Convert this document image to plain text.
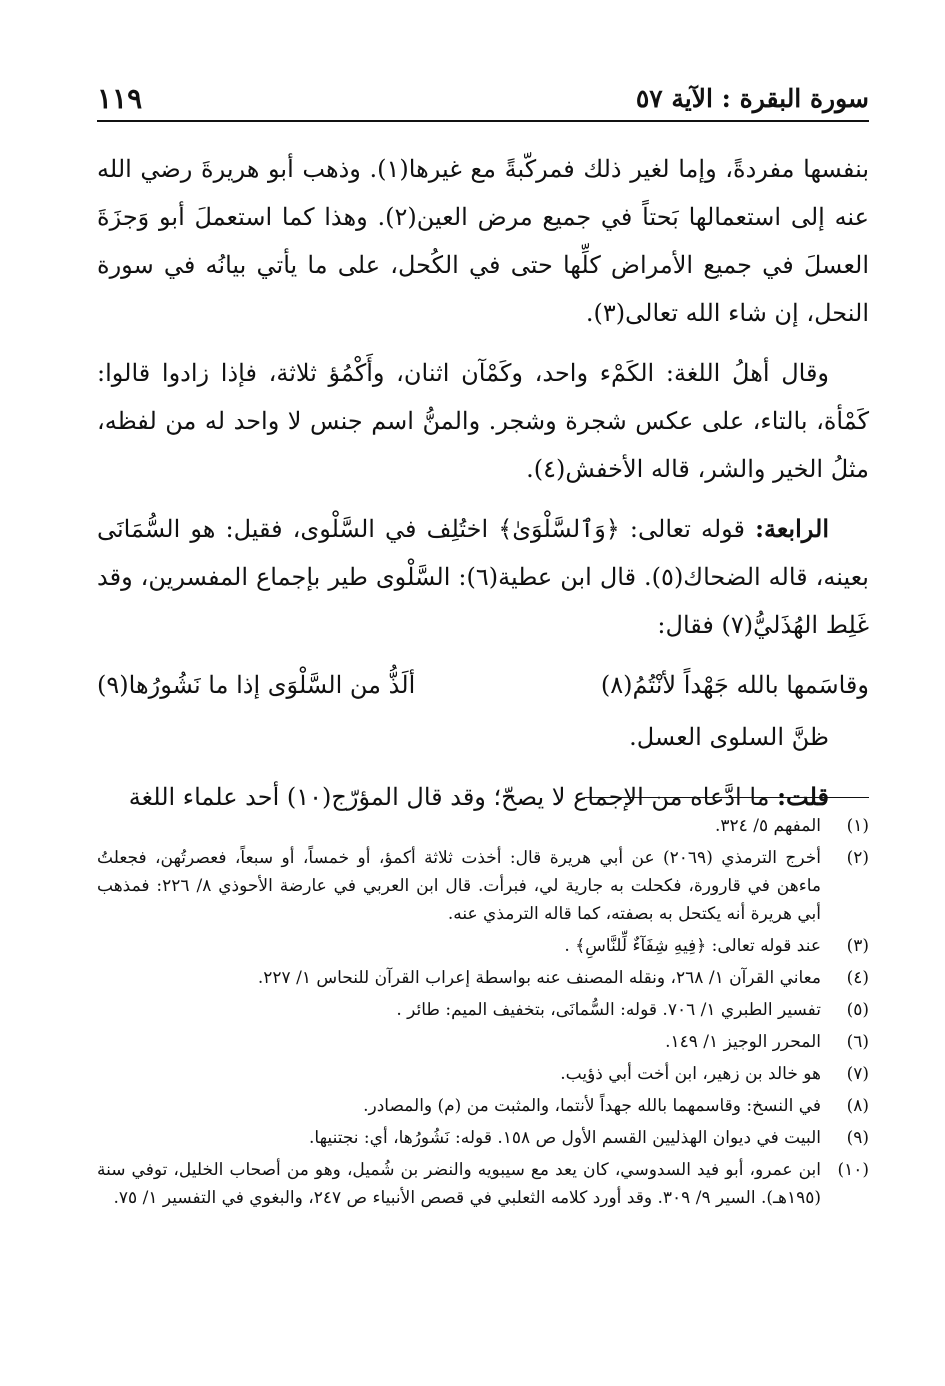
سورة البقرة : الآية ٥٧
١١٩

بنفسها مفردةً، وإما لغير ذلك فمركّبةً مع غيرها(١). وذهب أبو هريرةَ رضي الله عنه إلى استعمالها بَحتاً في جميع مرض العين(٢). وهذا كما استعملَ أبو وَجزَةَ العسلَ في جميع الأمراض كلِّها حتى في الكُحل، على ما يأتي بيانُه في سورة النحل، إن شاء الله تعالى(٣).

وقال أهلُ اللغة: الكَمْء واحد، وكَمْآن اثنان، وأَكْمُؤ ثلاثة، فإذا زادوا قالوا: كَمْأة، بالتاء، على عكس شجرة وشجر. والمنُّ اسم جنس لا واحد له من لفظه، مثلُ الخير والشر، قاله الأخفش(٤).

الرابعة: قوله تعالى: ﴿وَٱلسَّلْوَىٰ﴾ اختُلِف في السَّلْوى، فقيل: هو السُّمَانَى بعينه، قاله الضحاك(٥). قال ابن عطية(٦): السَّلْوى طير بإجماع المفسرين، وقد غَلِط الهُذَليُّ(٧) فقال:

وقاسَمها بالله جَهْداً لأنْتُمُ(٨)
ألَذُّ من السَّلْوَى إذا ما نَشُورُها(٩)

ظنَّ السلوى العسل.

قلت: ما ادَّعاه من الإجماع لا يصحّ؛ وقد قال المؤرّج(١٠) أحد علماء اللغة

(١)
المفهم ٥/ ٣٢٤.
(٢)
أخرج الترمذي (٢٠٦٩) عن أبي هريرة قال: أخذت ثلاثة أكمؤ، أو خمساً، أو سبعاً، فعصرتُهن، فجعلتُ ماءهن في قارورة، فكحلت به جارية لي، فبرأت. قال ابن العربي في عارضة الأحوذي ٨/ ٢٢٦: فمذهب أبي هريرة أنه يكتحل به بصفته، كما قاله الترمذي عنه.
(٣)
عند قوله تعالى: ﴿فِيهِ شِفَآءٌ لِّلنَّاسِ﴾ .
(٤)
معاني القرآن ١/ ٢٦٨، ونقله المصنف عنه بواسطة إعراب القرآن للنحاس ١/ ٢٢٧.
(٥)
تفسير الطبري ١/ ٧٠٦. قوله: السُّمانَى، بتخفيف الميم: طائر .
(٦)
المحرر الوجيز ١/ ١٤٩.
(٧)
هو خالد بن زهير، ابن أخت أبي ذؤيب.
(٨)
في النسخ: وقاسمهما بالله جهداً لأنتما، والمثبت من (م) والمصادر.
(٩)
البيت في ديوان الهذليين القسم الأول ص ١٥٨. قوله: نَشُورُها، أي: نجتنيها.
(١٠)
ابن عمرو، أبو فيد السدوسي، كان يعد مع سيبويه والنضر بن شُميل، وهو من أصحاب الخليل، توفي سنة (١٩٥هـ). السير ٩/ ٣٠٩. وقد أورد كلامه الثعلبي في قصص الأنبياء ص ٢٤٧، والبغوي في التفسير ١/ ٧٥.
